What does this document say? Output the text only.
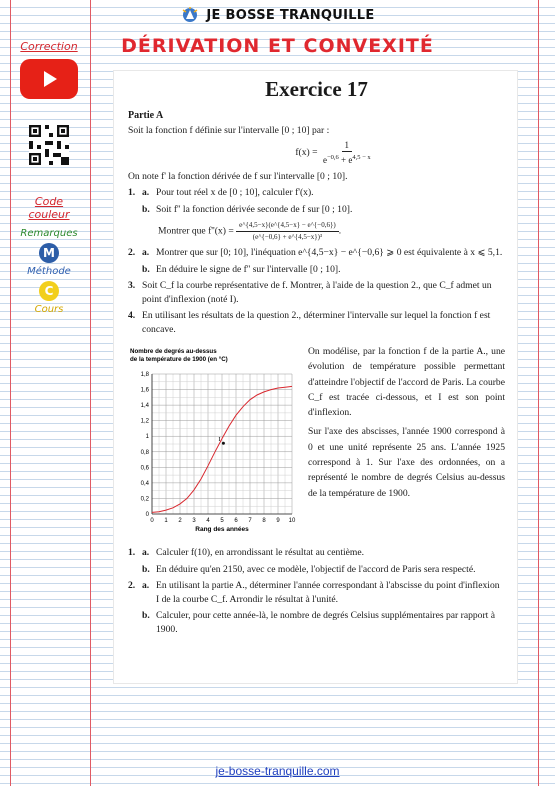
JE BOSSE TRANQUILLE
DÉRIVATION ET CONVEXITÉ
Correction
Code couleur
Remarques
M
Méthode
C
Cours
Exercice 17
Partie A
Soit la fonction f définie sur l'intervalle [0 ; 10] par :
$f(x) = \frac{1}{e^{-0,6} + e^{4,5 - x}}$
On note f' la fonction dérivée de f sur l'intervalle [0 ; 10].
1. a. Pour tout réel x de [0 ; 10], calculer f'(x).
b. Soit f'' la fonction dérivée seconde de f sur [0 ; 10].
Montrer que $f''(x) = \frac{e\^{}\{4,5-x\}(e\^{}\{4,5-x\} - e\^{}\{-0,6\})}{\text{(e\textasciicircum{}\{−0,6\} + e\textasciicircum{}\{4,5−x\})³}}$ .
2. a. Montrer que sur [0; 10], l'inéquation e^{4,5−x} − e^{−0,6} ⩾ 0 est équivalente à x ⩽ 5,1.
b. En déduire le signe de f'' sur l'intervalle [0 ; 10].
3. Soit C_f la courbe représentative de f. Montrer, à l'aide de la question 2., que C_f admet un point d'inflexion (noté I).
4. En utilisant les résultats de la question 2., déterminer l'intervalle sur lequel la fonction f est concave.
Nombre de degrés au-dessus
de la température de 1900 (en °C)
0 1 2 3 4 5 6 7 8 9 10
0
0,2
0,4
0,6
0,8
1
1,2
1,4
1,6
1,8
Rang des années
I

On modélise, par la fonction f de la partie A., une évolution de température possible permettant d'atteindre l'objectif de l'accord de Paris. La courbe C_f est tracée ci-dessous, et I est son point d'inflexion.

Sur l'axe des abscisses, l'année 1900 correspond à 0 et une unité représente 25 ans. L'année 1925 correspond à 1. Sur l'axe des ordonnées, on a représenté le nombre de degrés Celsius au-dessus de la température de 1900.

1. a. Calculer f(10), en arrondissant le résultat au centième.
b. En déduire qu'en 2150, avec ce modèle, l'objectif de l'accord de Paris sera respecté.
2. a. En utilisant la partie A., déterminer l'année correspondant à l'abscisse du point d'inflexion I de la courbe C_f. Arrondir le résultat à l'unité.
b. Calculer, pour cette année-là, le nombre de degrés Celsius supplémentaires par rapport à 1900.
je-bosse-tranquille.com
